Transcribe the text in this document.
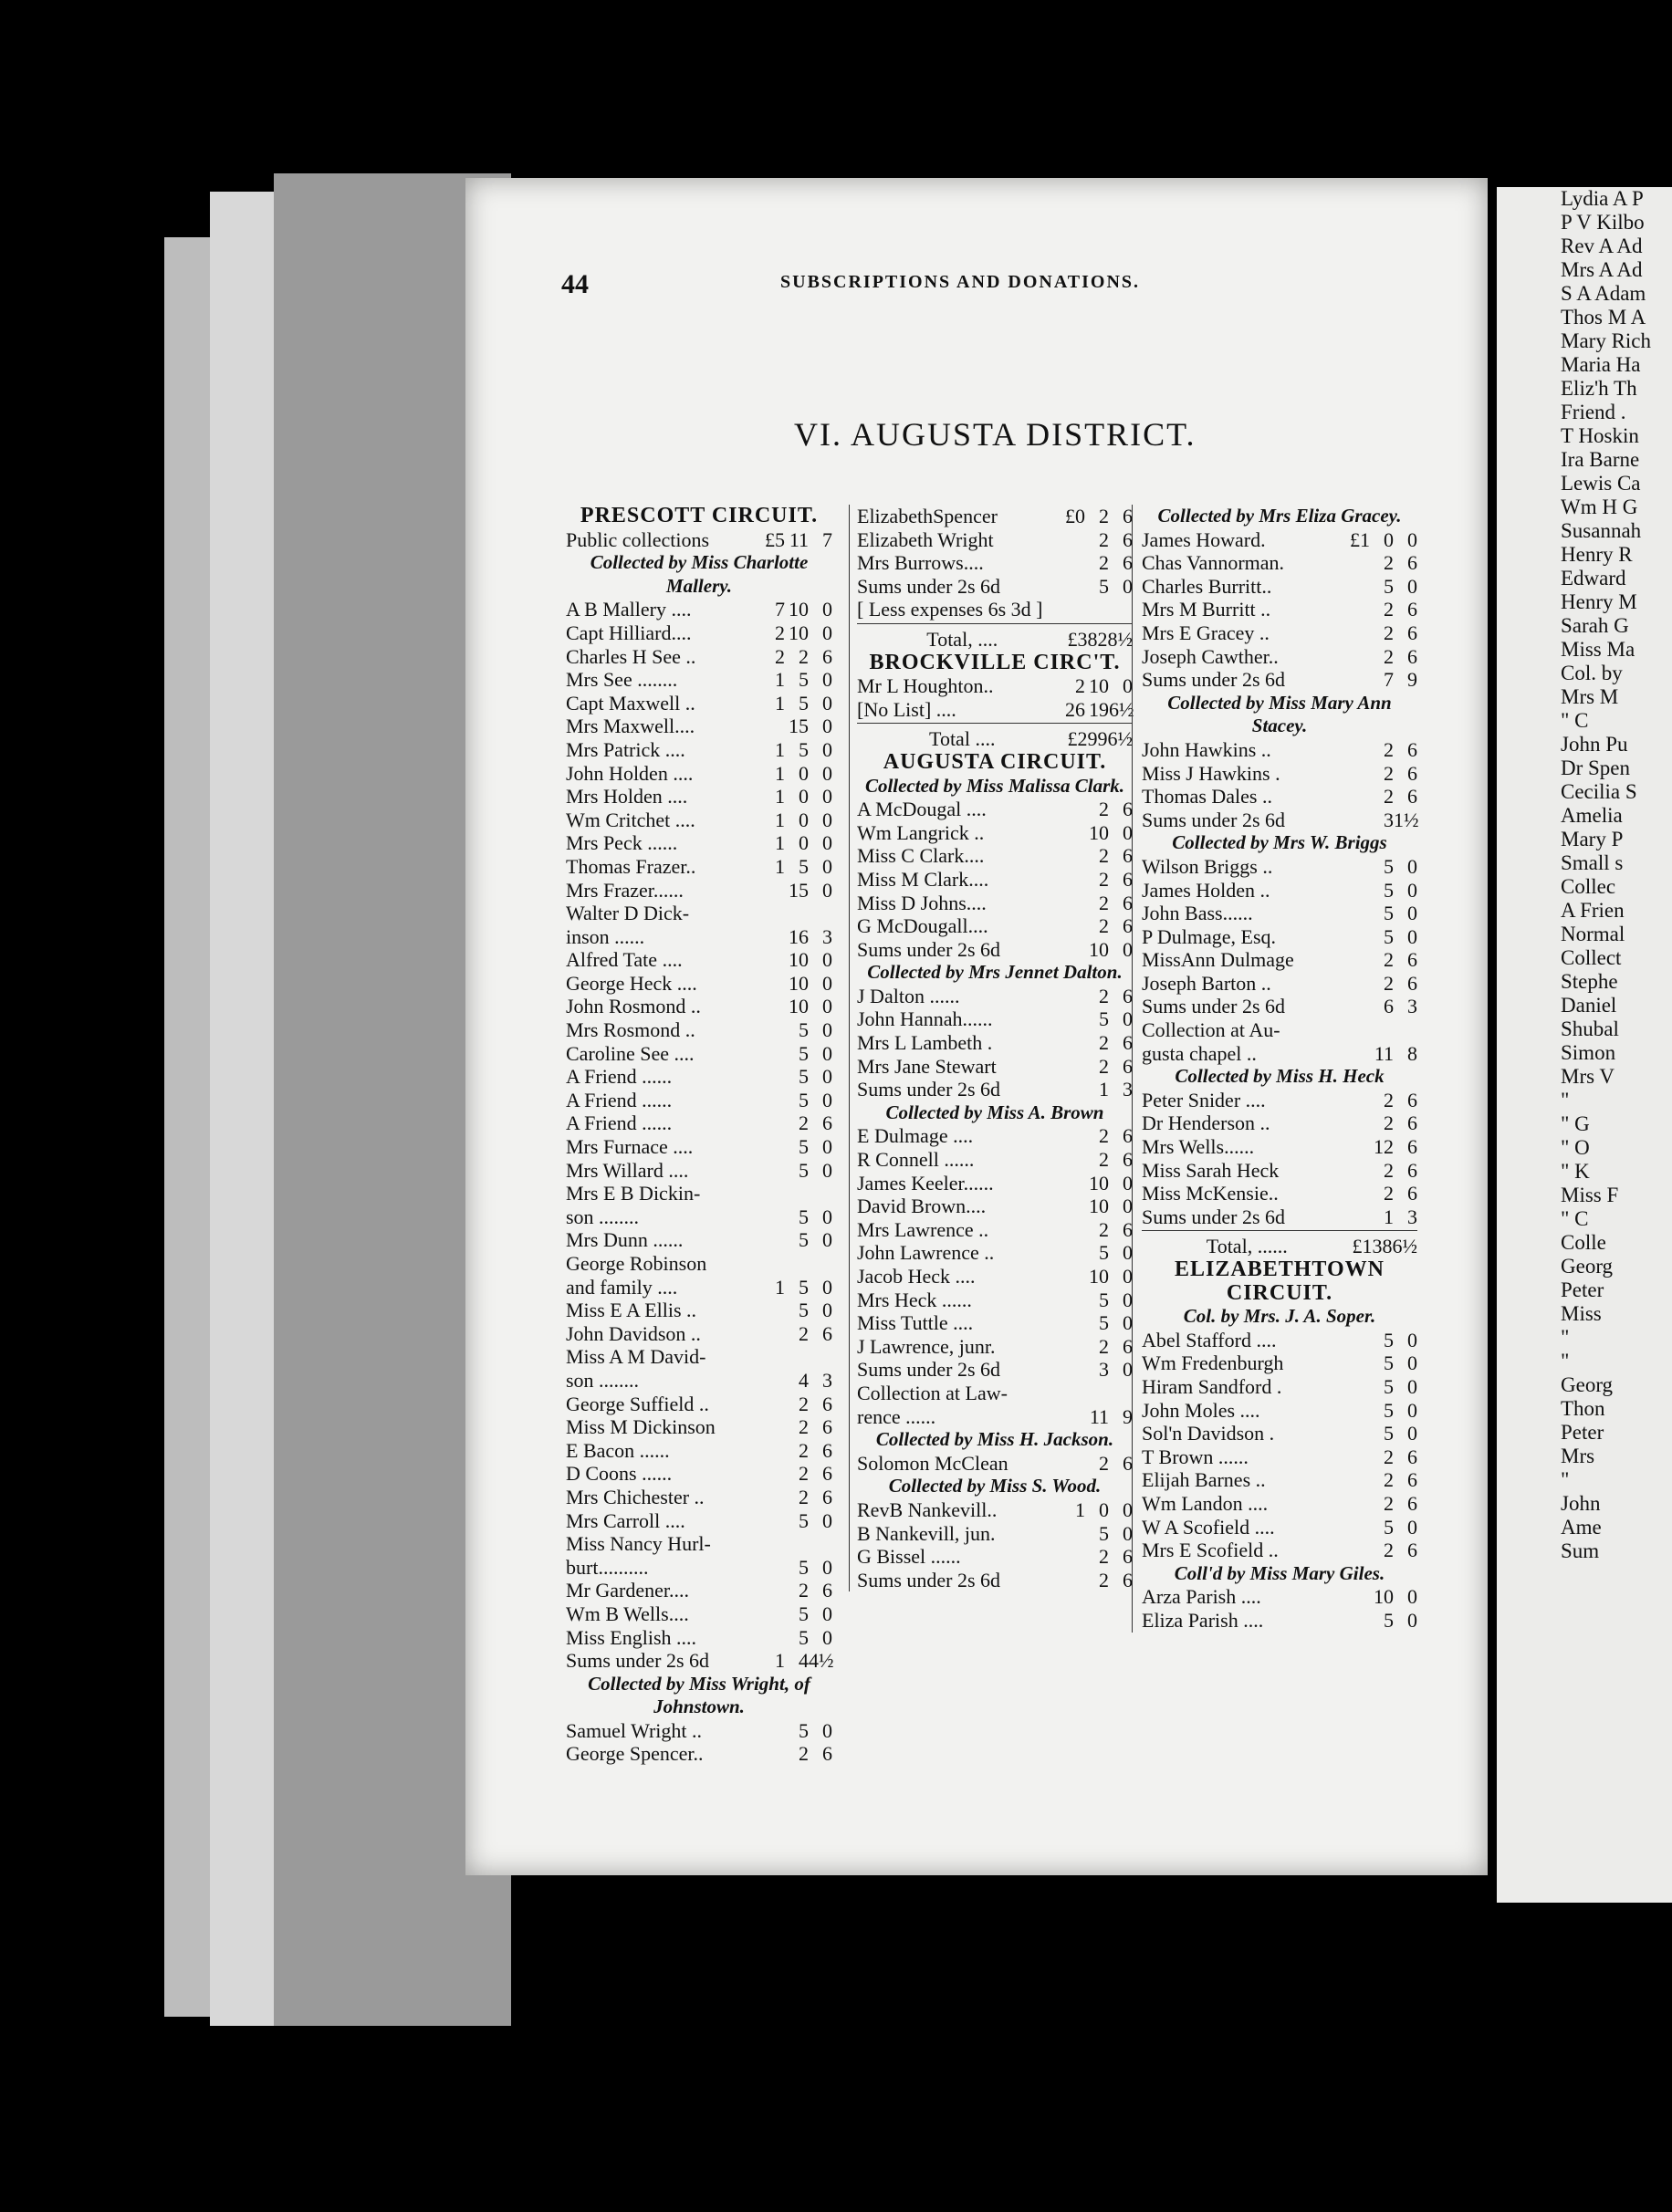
44	SUBSCRIPTIONS AND DONATIONS.
VI. AUGUSTA DISTRICT.
PRESCOTT CIRCUIT.
Public collections	£5 11 7
Collected by Miss Charlotte Mallery.
A B Mallery ....	7 10 0
Capt Hilliard....	2 10 0
Charles H See ..	2 2 6
Mrs See ........	1 5 0
Capt Maxwell ..	1 5 0
Mrs Maxwell....	15 0
Mrs Patrick ....	1 5 0
John Holden ....	1 0 0
Mrs Holden ....	1 0 0
Wm Critchet ....	1 0 0
Mrs Peck ......	1 0 0
Thomas Frazer..	1 5 0
Mrs Frazer......	15 0
Walter D Dick-
inson ......	16 3
Alfred Tate ....	10 0
George Heck ....	10 0
John Rosmond ..	10 0
Mrs Rosmond ..	5 0
Caroline See ....	5 0
A Friend ......	5 0
A Friend ......	5 0
A Friend ......	2 6
Mrs Furnace ....	5 0
Mrs Willard ....	5 0
Mrs E B Dickin-
son ........	5 0
Mrs Dunn ......	5 0
George Robinson
and family ....	1 5 0
Miss E A Ellis ..	5 0
John Davidson ..	2 6
Miss A M David-
son ........	4 3
George Suffield ..	2 6
Miss M Dickinson	2 6
E Bacon ......	2 6
D Coons ......	2 6
Mrs Chichester ..	2 6
Mrs Carroll ....	5 0
Miss Nancy Hurl-
burt..........	5 0
Mr Gardener....	2 6
Wm B Wells....	5 0
Miss English ....	5 0
Sums under 2s 6d	1 4 4½
Collected by Miss Wright, of Johnstown.
Samuel Wright ..	5 0
George Spencer..	2 6
ElizabethSpencer	£0 2 6
Elizabeth Wright	2 6
Mrs Burrows....	2 6
Sums under 2s 6d	5 0
[ Less expenses 6s 3d ]
Total, ....	£38 2 8½
BROCKVILLE CIRC'T.
Mr L Houghton..	2 10 0
[No List] ....	26 19 6½
Total ....	£29 9 6½
AUGUSTA CIRCUIT.
Collected by Miss Malissa Clark.
A McDougal ....	2 6
Wm Langrick ..	10 0
Miss C Clark....	2 6
Miss M Clark....	2 6
Miss D Johns....	2 6
G McDougall....	2 6
Sums under 2s 6d	10 0
Collected by Mrs Jennet Dalton.
J Dalton ......	2 6
John Hannah......	5 0
Mrs L Lambeth .	2 6
Mrs Jane Stewart	2 6
Sums under 2s 6d	1 3
Collected by Miss A. Brown
E Dulmage ....	2 6
R Connell ......	2 6
James Keeler......	10 0
David Brown....	10 0
Mrs Lawrence ..	2 6
John Lawrence ..	5 0
Jacob Heck ....	10 0
Mrs Heck ......	5 0
Miss Tuttle ....	5 0
J Lawrence, junr.	2 6
Sums under 2s 6d	3 0
Collection at Law-
rence ......	11 9
Collected by Miss H. Jackson.
Solomon McClean	2 6
Collected by Miss S. Wood.
RevB Nankevill..	1 0 0
B Nankevill, jun.	5 0
G Bissel ......	2 6
Sums under 2s 6d	2 6
Collected by Mrs Eliza Gracey.
James Howard.	£1 0 0
Chas Vannorman.	2 6
Charles Burritt..	5 0
Mrs M Burritt ..	2 6
Mrs E Gracey ..	2 6
Joseph Cawther..	2 6
Sums under 2s 6d	7 9
Collected by Miss Mary Ann Stacey.
John Hawkins ..	2 6
Miss J Hawkins .	2 6
Thomas Dales ..	2 6
Sums under 2s 6d	3 1½
Collected by Mrs W. Briggs
Wilson Briggs ..	5 0
James Holden ..	5 0
John Bass......	5 0
P Dulmage, Esq.	5 0
MissAnn Dulmage	2 6
Joseph Barton ..	2 6
Sums under 2s 6d	6 3
Collection at Au-
gusta chapel ..	11 8
Collected by Miss H. Heck
Peter Snider ....	2 6
Dr Henderson ..	2 6
Mrs Wells......	12 6
Miss Sarah Heck	2 6
Miss McKensie..	2 6
Sums under 2s 6d	1 3
Total, ......	£13 8 6½
ELIZABETHTOWN
CIRCUIT.
Col. by Mrs. J. A. Soper.
Abel Stafford ....	5 0
Wm Fredenburgh	5 0
Hiram Sandford .	5 0
John Moles ....	5 0
Sol'n Davidson .	5 0
T Brown ......	2 6
Elijah Barnes ..	2 6
Wm Landon ....	2 6
W A Scofield ....	5 0
Mrs E Scofield ..	2 6
Coll'd by Miss Mary Giles.
Arza Parish ....	10 0
Eliza Parish ....	5 0
Lydia A P
P V Kilbo
Rev A Ad
Mrs A Ad
S A Adam
Thos M A
Mary Rich
Maria Ha
Eliz'h Th
Friend .
T Hoskin
Ira Barne
Lewis Ca
Wm H G
Susannah
Henry R
Edward
Henry M
Sarah G
Miss Ma
Col. by
Mrs M
" C
John Pu
Dr Spen
Cecilia S
Amelia
Mary P
Small s
Collec
A Frien
Normal
Collect
Stephe
Daniel
Shubal
Simon
Mrs V
"
" G
" O
" K
Miss F
" C
Colle
Georg
Peter
Miss
"
"
Georg
Thon
Peter
Mrs
"
John
Ame
Sum
